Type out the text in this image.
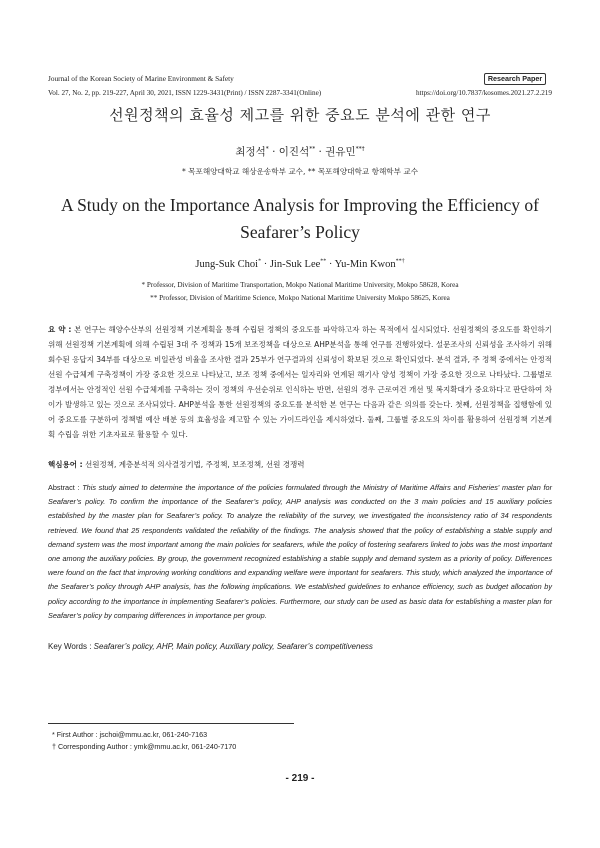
Journal of the Korean Society of Marine Environment & Safety	Research Paper
Vol. 27, No. 2, pp. 219-227, April 30, 2021, ISSN 1229-3431(Print) / ISSN 2287-3341(Online)	https://doi.org/10.7837/kosomes.2021.27.2.219
선원정책의 효율성 제고를 위한 중요도 분석에 관한 연구
최정석* · 이진석** · 권유민**†
* 목포해양대학교 해상운송학부 교수, ** 목포해양대학교 항해학부 교수
A Study on the Importance Analysis for Improving the Efficiency of
Seafarer’s Policy
Jung-Suk Choi* · Jin-Suk Lee** · Yu-Min Kwon**†
* Professor, Division of Maritime Transportation, Mokpo National Maritime University, Mokpo 58628, Korea
** Professor, Division of Maritime Science, Mokpo National Maritime University Mokpo 58625, Korea
요 약 : 본 연구는 해양수산부의 선원정책 기본계획을 통해 수립된 정책의 중요도를 파악하고자 하는 목적에서 실시되었다. 선원정책의 중요도를 확인하기 위해 선원정책 기본계획에 의해 수립된 3대 주 정책과 15개 보조정책을 대상으로 AHP분석을 통해 연구를 진행하였다. 설문조사의 신뢰성을 조사하기 위해 회수된 응답지 34부를 대상으로 비일관성 비율을 조사한 결과 25부가 연구결과의 신뢰성이 확보된 것으로 확인되었다. 분석 결과, 주 정책 중에서는 안정적 선원 수급체계 구축정책이 가장 중요한 것으로 나타났고, 보조 정책 중에서는 일자리와 연계된 해기사 양성 정책이 가장 중요한 것으로 나타났다. 그룹별로 정부에서는 안정적인 선원 수급체계를 구축하는 것이 정책의 우선순위로 인식하는 반면, 선원의 경우 근로여건 개선 및 복지확대가 중요하다고 판단하여 차이가 발생하고 있는 것으로 조사되었다. AHP분석을 통한 선원정책의 중요도를 분석한 본 연구는 다음과 같은 의의를 갖는다. 첫째, 선원정책을 집행함에 있어 중요도를 구분하여 정책별 예산 배분 등의 효율성을 제고할 수 있는 가이드라인을 제시하였다. 둘째, 그룹별 중요도의 차이를 활용하여 선원정책 기본계획 수립을 위한 기초자료로 활용할 수 있다.
핵심용어 : 선원정책, 계층분석적 의사결정기법, 주정책, 보조정책, 선원 경쟁력
Abstract : This study aimed to determine the importance of the policies formulated through the Ministry of Maritime Affairs and Fisheries' master plan for Seafarer’s policy. To confirm the importance of the Seafarer’s policy, AHP analysis was conducted on the 3 main policies and 15 auxiliary policies established by the master plan for Seafarer’s policy. To analyze the reliability of the survey, we investigated the inconsistency ratio of 34 respondents retrieved. We found that 25 respondents validated the reliability of the findings. The analysis showed that the policy of establishing a stable supply and demand system was the most important among the main policies for seafarers, while the policy of fostering seafarers linked to jobs was the most important one among the auxiliary policies. By group, the government recognized establishing a stable supply and demand system as a priority of policy. Differences were found on the fact that improving working conditions and expanding welfare were important for seafarers. This study, which analyzed the importance of the Seafarer’s policy through AHP analysis, has the following implications. We established guidelines to enhance efficiency, such as budget allocation by policy according to the importance in implementing Seafarer’s policies. Furthermore, our study can be used as basic data for establishing a master plan for Seafarer’s policy by comparing differences in importance per group.
Key Words : Seafarer’s policy, AHP, Main policy, Auxiliary policy, Seafarer’s competitiveness
* First Author : jschoi@mmu.ac.kr, 061-240-7163
† Corresponding Author : ymk@mmu.ac.kr, 061-240-7170
- 219 -
